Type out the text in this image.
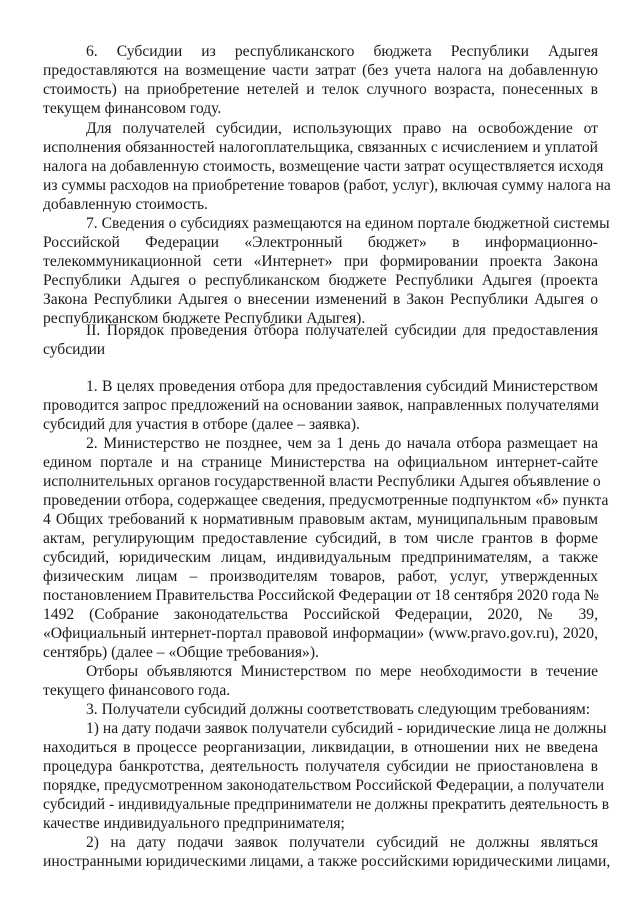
6. Субсидии из республиканского бюджета Республики Адыгея
предоставляются на возмещение части затрат (без учета налога на добавленную
стоимость) на приобретение нетелей и телок случного возраста, понесенных в
текущем финансовом году.
Для получателей субсидии, использующих право на освобождение от
исполнения обязанностей налогоплательщика, связанных с исчислением и уплатой
налога на добавленную стоимость, возмещение части затрат осуществляется исходя
из суммы расходов на приобретение товаров (работ, услуг), включая сумму налога на
добавленную стоимость.
7. Сведения о субсидиях размещаются на едином портале бюджетной системы
Российской Федерации «Электронный бюджет» в информационно-
телекоммуникационной сети «Интернет» при формировании проекта Закона
Республики Адыгея о республиканском бюджете Республики Адыгея (проекта
Закона Республики Адыгея о внесении изменений в Закон Республики Адыгея о
республиканском бюджете Республики Адыгея).
II. Порядок проведения отбора получателей субсидии для предоставления
субсидии
1. В целях проведения отбора для предоставления субсидий Министерством
проводится запрос предложений на основании заявок, направленных получателями
субсидий для участия в отборе (далее – заявка).
2. Министерство не позднее, чем за 1 день до начала отбора размещает на
едином портале и на странице Министерства на официальном интернет-сайте
исполнительных органов государственной власти Республики Адыгея объявление о
проведении отбора, содержащее сведения, предусмотренные подпунктом «б» пункта
4 Общих требований к нормативным правовым актам, муниципальным правовым
актам, регулирующим предоставление субсидий, в том числе грантов в форме
субсидий, юридическим лицам, индивидуальным предпринимателям, а также
физическим лицам – производителям товаров, работ, услуг, утвержденных
постановлением Правительства Российской Федерации от 18 сентября 2020 года №
1492 (Собрание законодательства Российской Федерации, 2020, № 39,
«Официальный интернет-портал правовой информации» (www.pravo.gov.ru), 2020,
сентябрь) (далее – «Общие требования»).
Отборы объявляются Министерством по мере необходимости в течение
текущего финансового года.
3. Получатели субсидий должны соответствовать следующим требованиям:
1) на дату подачи заявок получатели субсидий - юридические лица не должны
находиться в процессе реорганизации, ликвидации, в отношении них не введена
процедура банкротства, деятельность получателя субсидии не приостановлена в
порядке, предусмотренном законодательством Российской Федерации, а получатели
субсидий - индивидуальные предприниматели не должны прекратить деятельность в
качестве индивидуального предпринимателя;
2) на дату подачи заявок получатели субсидий не должны являться
иностранными юридическими лицами, а также российскими юридическими лицами,
